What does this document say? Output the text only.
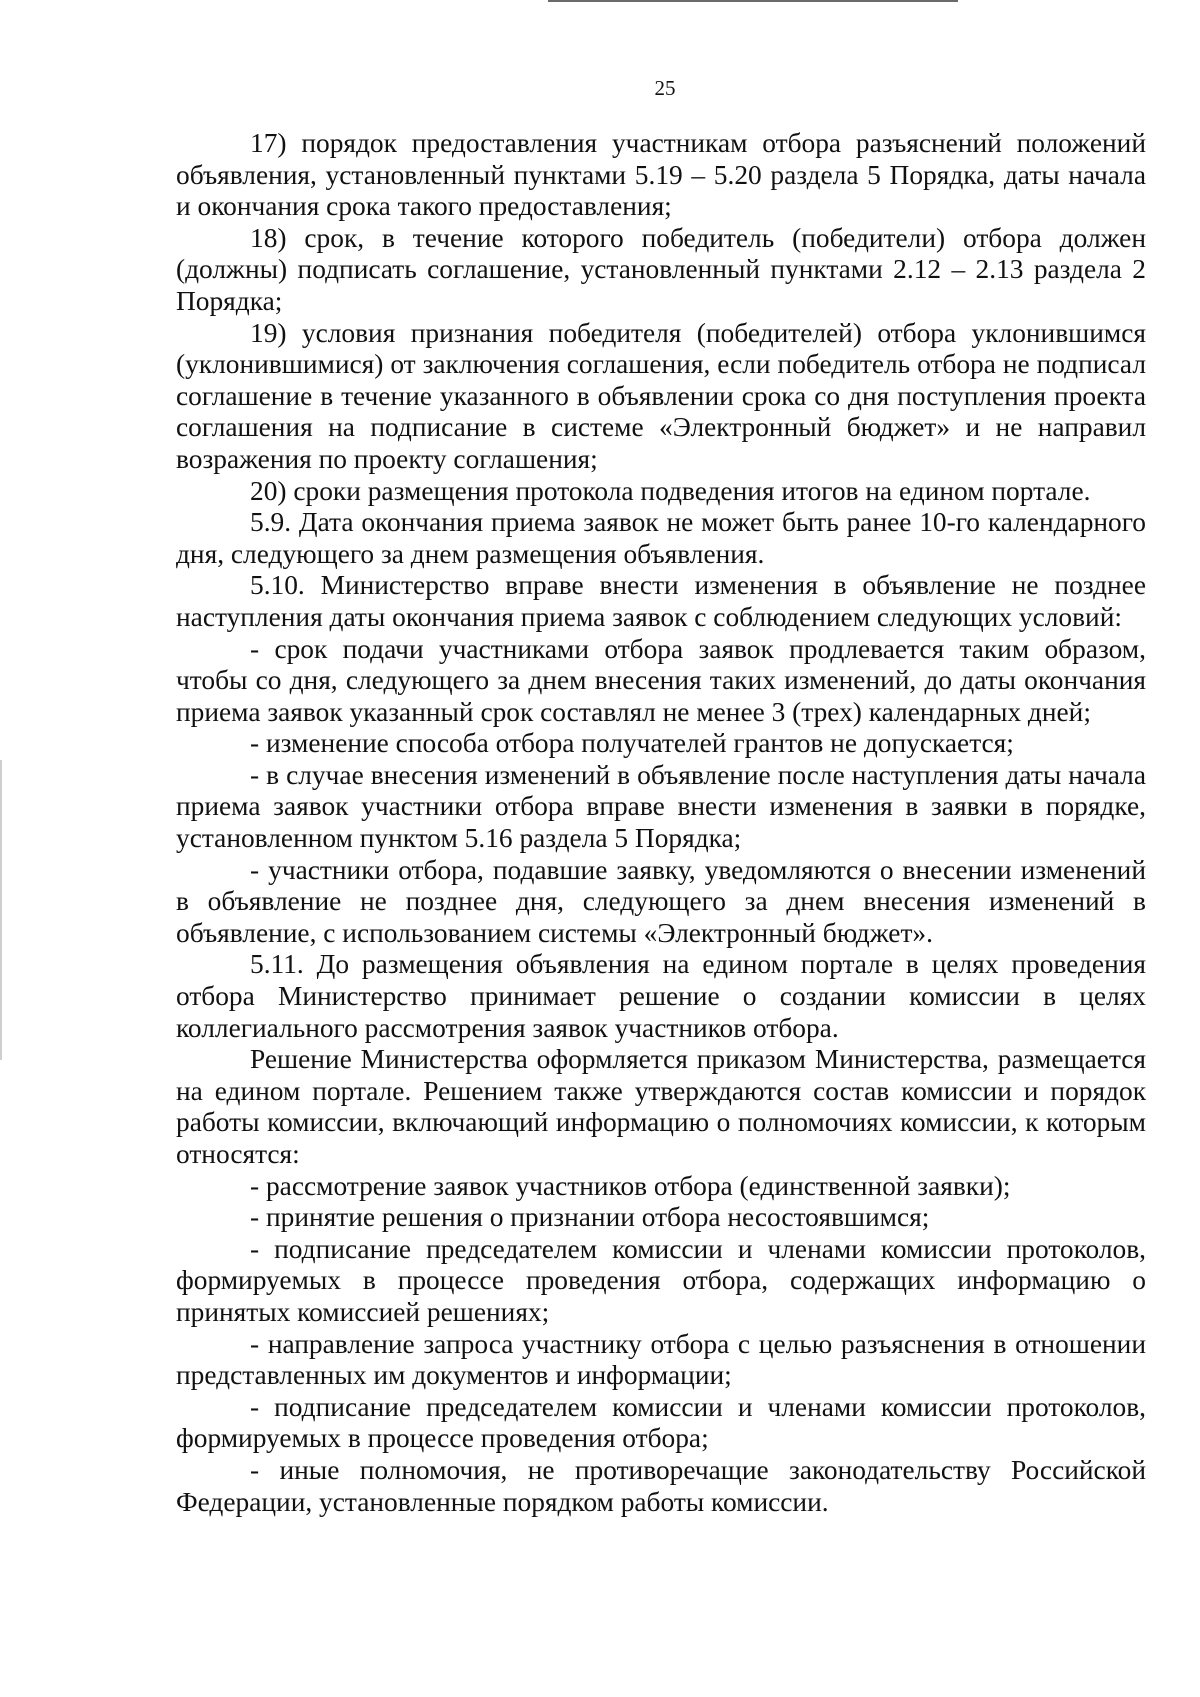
25

17) порядок предоставления участникам отбора разъяснений положений объявления, установленный пунктами 5.19 – 5.20 раздела 5 Порядка, даты начала и окончания срока такого предоставления;

18) срок, в течение которого победитель (победители) отбора должен (должны) подписать соглашение, установленный пунктами 2.12 – 2.13 раздела 2 Порядка;

19) условия признания победителя (победителей) отбора уклонившимся (уклонившимися) от заключения соглашения, если победитель отбора не подписал соглашение в течение указанного в объявлении срока со дня поступления проекта соглашения на подписание в системе «Электронный бюджет» и не направил возражения по проекту соглашения;

20) сроки размещения протокола подведения итогов на едином портале.

5.9. Дата окончания приема заявок не может быть ранее 10-го календарного дня, следующего за днем размещения объявления.

5.10. Министерство вправе внести изменения в объявление не позднее наступления даты окончания приема заявок с соблюдением следующих условий:

- срок подачи участниками отбора заявок продлевается таким образом, чтобы со дня, следующего за днем внесения таких изменений, до даты окончания приема заявок указанный срок составлял не менее 3 (трех) календарных дней;

- изменение способа отбора получателей грантов не допускается;

- в случае внесения изменений в объявление после наступления даты начала приема заявок участники отбора вправе внести изменения в заявки в порядке, установленном пунктом 5.16 раздела 5 Порядка;

- участники отбора, подавшие заявку, уведомляются о внесении изменений в объявление не позднее дня, следующего за днем внесения изменений в объявление, с использованием системы «Электронный бюджет».

5.11. До размещения объявления на едином портале в целях проведения отбора Министерство принимает решение о создании комиссии в целях коллегиального рассмотрения заявок участников отбора.

Решение Министерства оформляется приказом Министерства, размещается на едином портале. Решением также утверждаются состав комиссии и порядок работы комиссии, включающий информацию о полномочиях комиссии, к которым относятся:

- рассмотрение заявок участников отбора (единственной заявки);

- принятие решения о признании отбора несостоявшимся;

- подписание председателем комиссии и членами комиссии протоколов, формируемых в процессе проведения отбора, содержащих информацию о принятых комиссией решениях;

- направление запроса участнику отбора с целью разъяснения в отношении представленных им документов и информации;

- подписание председателем комиссии и членами комиссии протоколов, формируемых в процессе проведения отбора;

- иные полномочия, не противоречащие законодательству Российской Федерации, установленные порядком работы комиссии.
